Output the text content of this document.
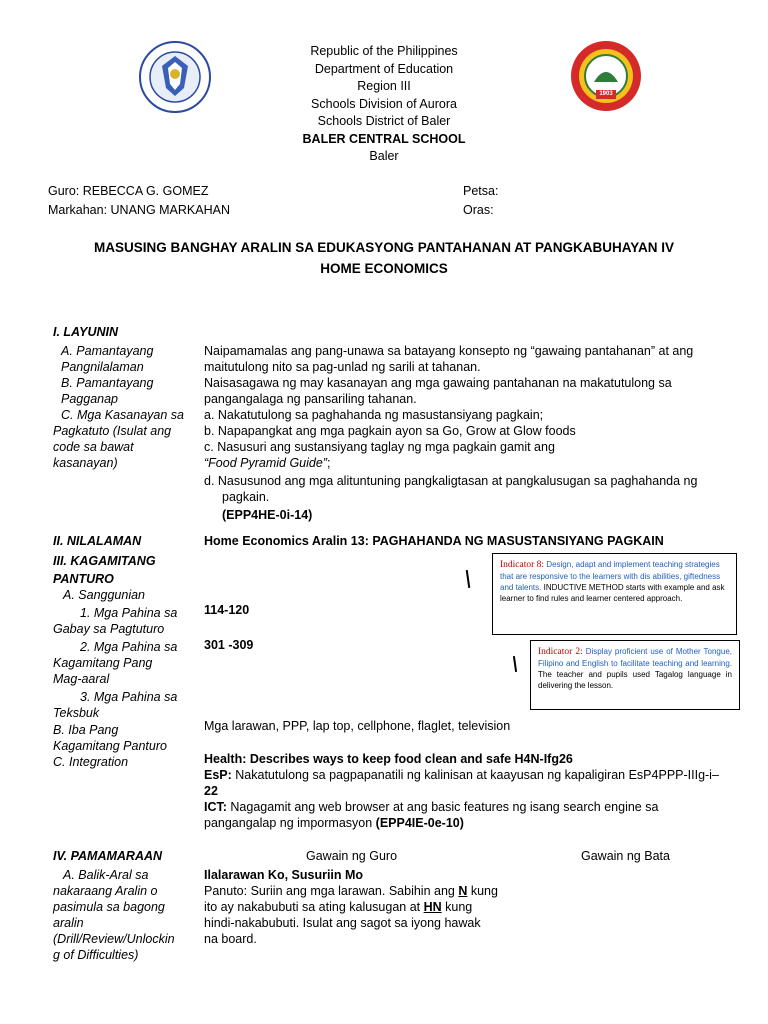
1903
Republic of the Philippines
Department of Education
Region III
Schools Division of Aurora
Schools District of Baler
BALER CENTRAL SCHOOL
Baler
Guro: REBECCA G. GOMEZ
Markahan: UNANG MARKAHAN
Petsa:
Oras:
MASUSING BANGHAY ARALIN SA EDUKASYONG PANTAHANAN AT PANGKABUHAYAN IV
HOME ECONOMICS
I. LAYUNIN
A. Pamantayang
Pangnilalaman
B. Pamantayang
Pagganap
C. Mga Kasanayan sa
Pagkatuto (Isulat ang
code sa bawat
kasanayan)
II. NILALAMAN
III. KAGAMITANG
PANTURO
A. Sanggunian
1. Mga Pahina sa
Gabay sa Pagtuturo
2. Mga Pahina sa
Kagamitang Pang
Mag-aaral
3. Mga Pahina sa
Teksbuk
B. Iba Pang
Kagamitang Panturo
C. Integration
IV. PAMAMARAAN
A. Balik-Aral sa
nakaraang Aralin o
pasimula sa bagong
aralin
(Drill/Review/Unlockin
g of Difficulties)
Naipamamalas ang pang-unawa sa batayang konsepto ng “gawaing pantahanan” at ang
maitutulong nito sa pag-unlad ng sarili at tahanan.
Naisasagawa ng may kasanayan ang mga gawaing pantahanan na makatutulong sa
pangangalaga ng pansariling tahanan.
a. Nakatutulong sa paghahanda ng masustansiyang pagkain;
b. Napapangkat ang mga pagkain ayon sa Go, Grow at Glow foods
c. Nasusuri ang sustansiyang taglay ng mga pagkain gamit ang
“Food Pyramid Guide”;
d. Nasusunod ang mga alituntuning pangkaligtasan at pangkalusugan sa paghahanda ng
pagkain.
(EPP4HE-0i-14)
Home Economics Aralin 13: PAGHAHANDA NG MASUSTANSIYANG PAGKAIN
114-120
301 -309
Mga larawan, PPP, lap top, cellphone, flaglet, television
Health: Describes ways to keep food clean and safe H4N-Ifg26
EsP: Nakatutulong sa pagpapanatili ng kalinisan at kaayusan ng kapaligiran EsP4PPP-IIIg-i–
22
ICT: Nagagamit ang web browser at ang basic features ng isang search engine sa
pangangalap ng impormasyon (EPP4IE-0e-10)
Gawain ng Guro	Gawain ng Bata
Ilalarawan Ko, Susuriin Mo
Panuto: Suriin ang mga larawan. Sabihin ang N kung
ito ay nakabubuti sa ating kalusugan at HN kung
hindi-nakabubuti. Isulat ang sagot sa iyong hawak
na board.
Indicator 8: Design, adapt and implement teaching strategies that are responsive to the learners with dis abilities, giftedness and talents. INDUCTIVE METHOD starts with example and ask learner to find rules and learner centered approach.
Indicator 2: Display proficient use of Mother Tongue, Filipino and English to facilitate teaching and learning. The teacher and pupils used Tagalog language in delivering the lesson.
